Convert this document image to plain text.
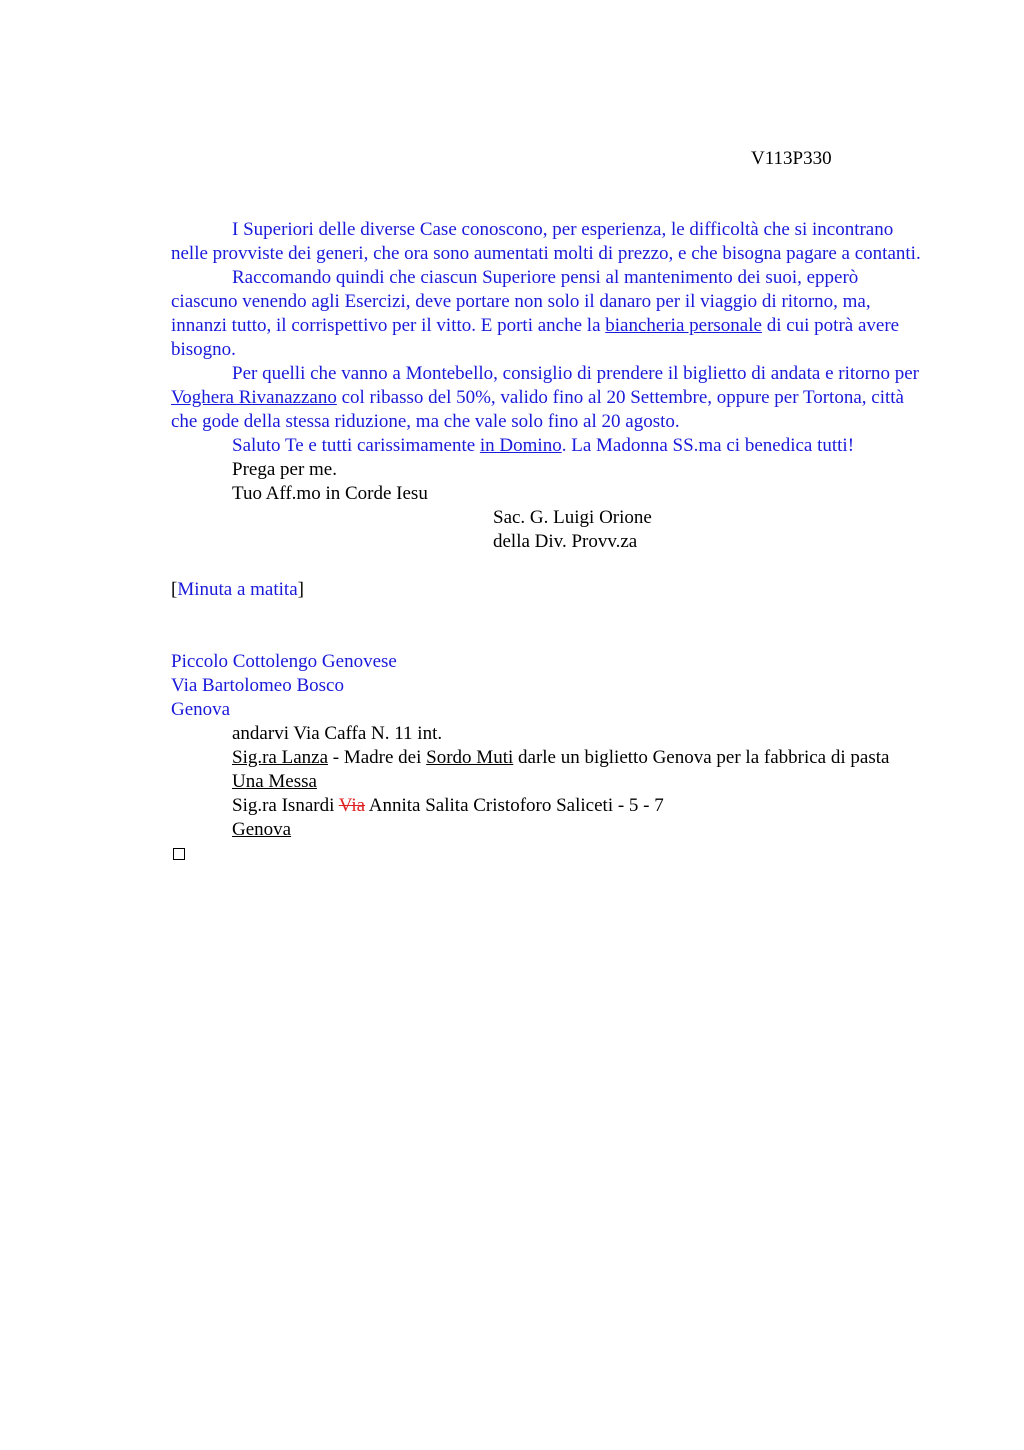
V113P330

I Superiori delle diverse Case conoscono, per esperienza, le difficoltà che si incontrano nelle provviste dei generi, che ora sono aumentati molti di prezzo, e che bisogna pagare a contanti.

Raccomando quindi che ciascun Superiore pensi al mantenimento dei suoi, epperò ciascuno venendo agli Esercizi, deve portare non solo il danaro per il viaggio di ritorno, ma, innanzi tutto, il corrispettivo per il vitto. E porti anche la biancheria personale di cui potrà avere bisogno.

Per quelli che vanno a Montebello, consiglio di prendere il biglietto di andata e ritorno per Voghera Rivanazzano col ribasso del 50%, valido fino al 20 Settembre, oppure per Tortona, città che gode della stessa riduzione, ma che vale solo fino al 20 agosto.

Saluto Te e tutti carissimamente in Domino. La Madonna SS.ma ci benedica tutti!

Prega per me.

Tuo Aff.mo in Corde Iesu

Sac. G. Luigi Orione

della Div. Provv.za

[Minuta a matita]

Piccolo Cottolengo Genovese

Via Bartolomeo Bosco

Genova

andarvi Via Caffa N. 11 int.

Sig.ra Lanza - Madre dei Sordo Muti darle un biglietto Genova per la fabbrica di pasta

Una Messa

Sig.ra Isnardi Via Annita Salita Cristoforo Saliceti - 5 - 7

Genova
